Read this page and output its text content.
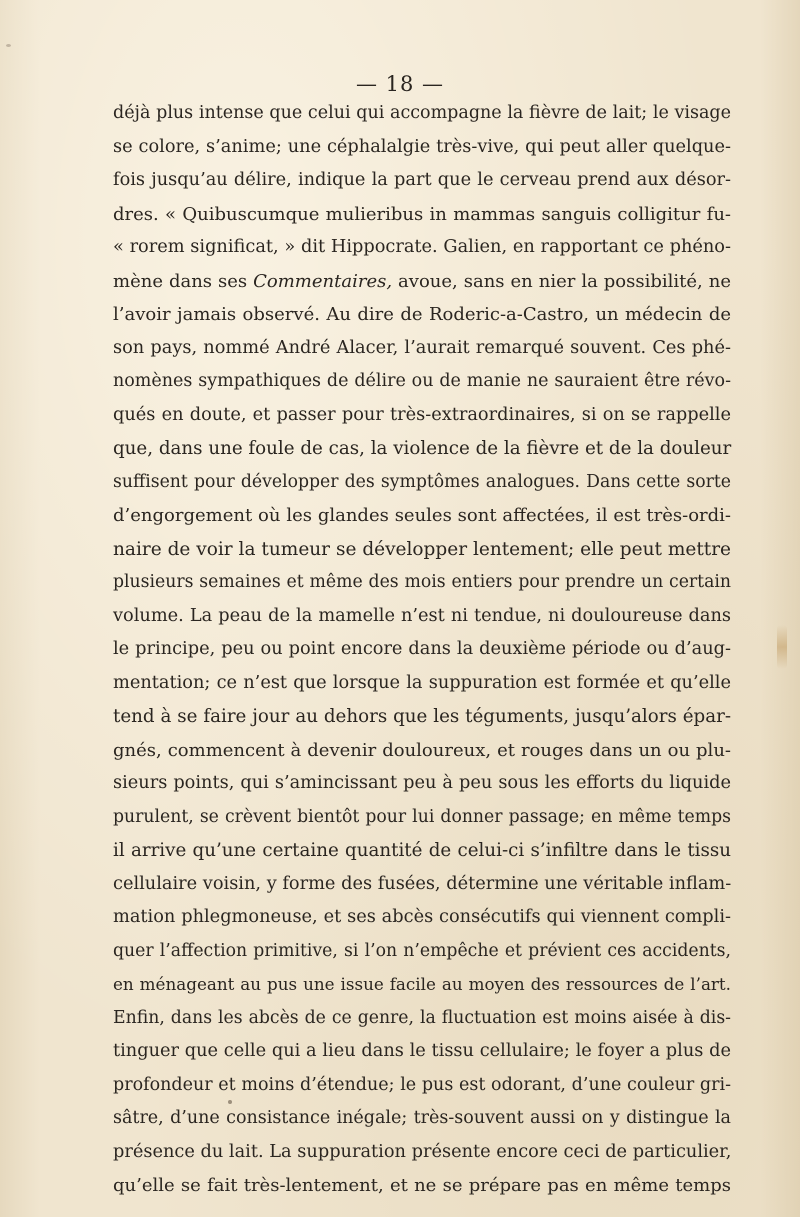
— 18 —
déjà plus intense que celui qui accompagne la fièvre de lait; le visage
se colore, s’anime; une céphalalgie très-vive, qui peut aller quelque-
fois jusqu’au délire, indique la part que le cerveau prend aux désor-
dres. « Quibuscumque mulieribus in mammas sanguis colligitur fu-
« rorem significat, » dit Hippocrate. Galien, en rapportant ce phéno-
mène dans ses Commentaires, avoue, sans en nier la possibilité, ne
l’avoir jamais observé. Au dire de Roderic-a-Castro, un médecin de
son pays, nommé André Alacer, l’aurait remarqué souvent. Ces phé-
nomènes sympathiques de délire ou de manie ne sauraient être révo-
qués en doute, et passer pour très-extraordinaires, si on se rappelle
que, dans une foule de cas, la violence de la fièvre et de la douleur
suffisent pour développer des symptômes analogues. Dans cette sorte
d’engorgement où les glandes seules sont affectées, il est très-ordi-
naire de voir la tumeur se développer lentement; elle peut mettre
plusieurs semaines et même des mois entiers pour prendre un certain
volume. La peau de la mamelle n’est ni tendue, ni douloureuse dans
le principe, peu ou point encore dans la deuxième période ou d’aug-
mentation; ce n’est que lorsque la suppuration est formée et qu’elle
tend à se faire jour au dehors que les téguments, jusqu’alors épar-
gnés, commencent à devenir douloureux, et rouges dans un ou plu-
sieurs points, qui s’amincissant peu à peu sous les efforts du liquide
purulent, se crèvent bientôt pour lui donner passage; en même temps
il arrive qu’une certaine quantité de celui-ci s’infiltre dans le tissu
cellulaire voisin, y forme des fusées, détermine une véritable inflam-
mation phlegmoneuse, et ses abcès consécutifs qui viennent compli-
quer l’affection primitive, si l’on n’empêche et prévient ces accidents,
en ménageant au pus une issue facile au moyen des ressources de l’art.
Enfin, dans les abcès de ce genre, la fluctuation est moins aisée à dis-
tinguer que celle qui a lieu dans le tissu cellulaire; le foyer a plus de
profondeur et moins d’étendue; le pus est odorant, d’une couleur gri-
sâtre, d’une consistance inégale; très-souvent aussi on y distingue la
présence du lait. La suppuration présente encore ceci de particulier,
qu’elle se fait très-lentement, et ne se prépare pas en même temps
